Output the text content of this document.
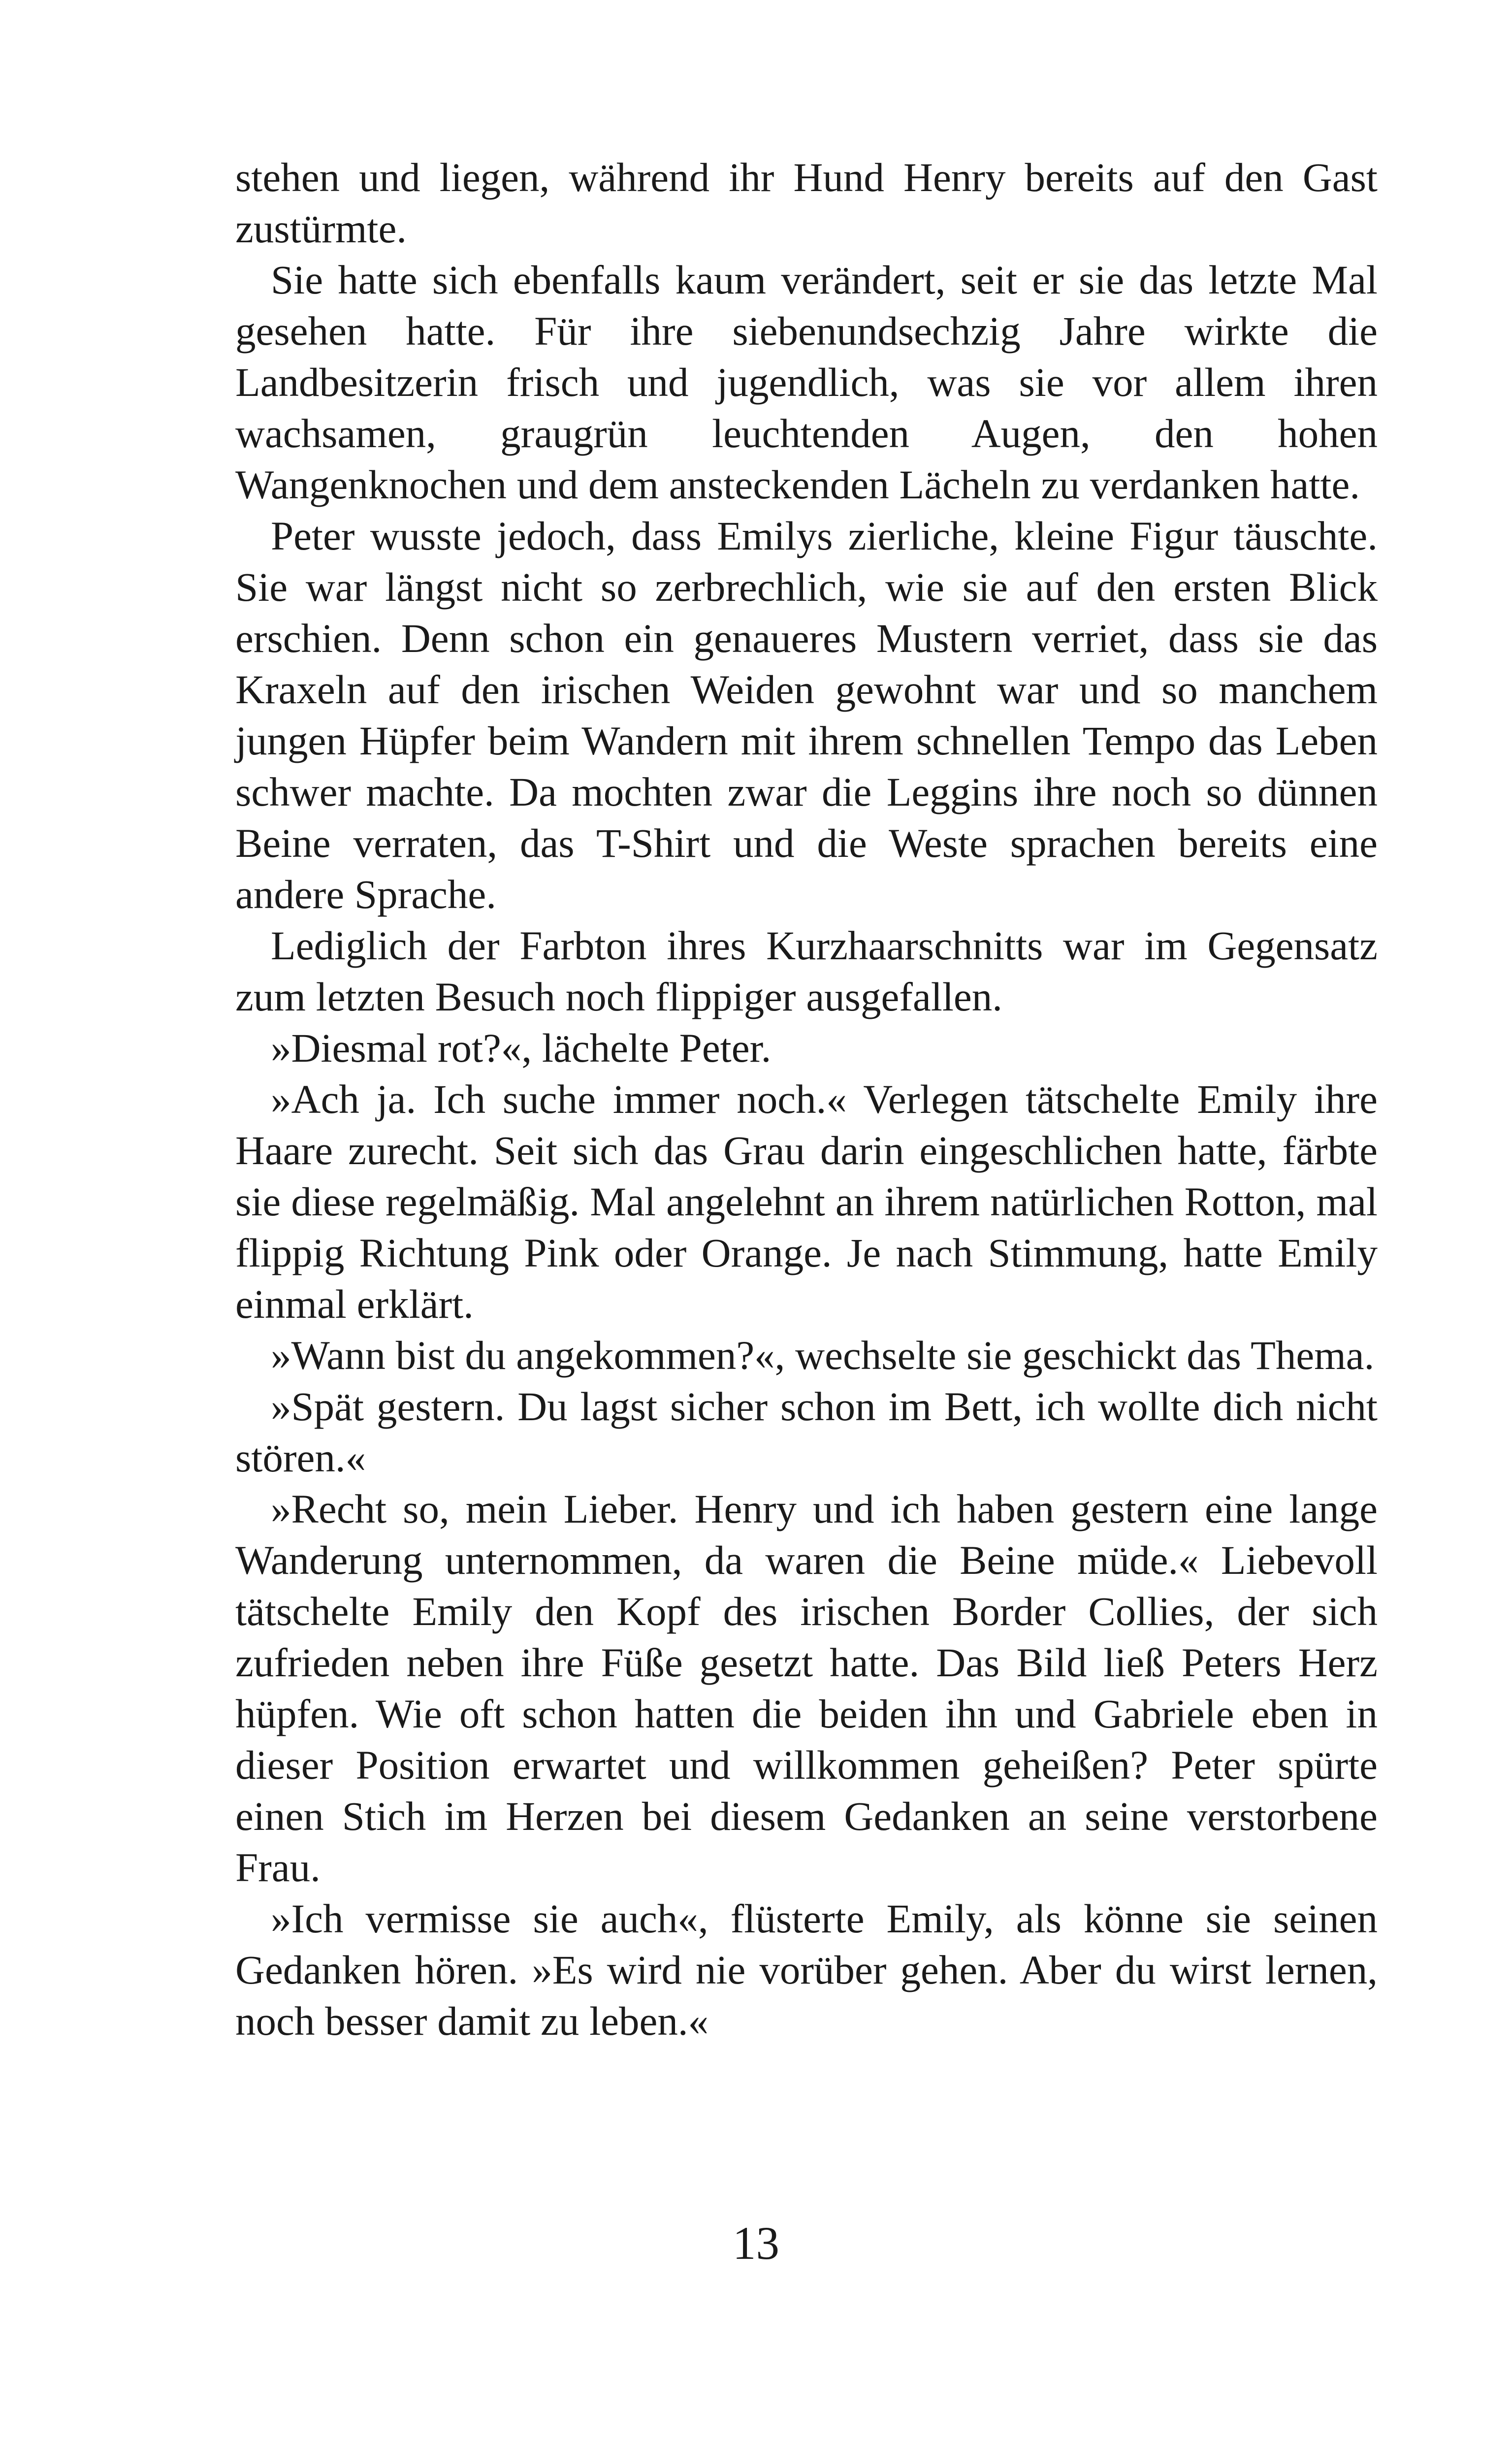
stehen und liegen, während ihr Hund Henry bereits auf den Gast zustürmte.

Sie hatte sich ebenfalls kaum verändert, seit er sie das letzte Mal gesehen hatte. Für ihre siebenundsechzig Jahre wirkte die Landbesitzerin frisch und jugendlich, was sie vor allem ihren wachsamen, graugrün leuchtenden Augen, den hohen Wangenknochen und dem ansteckenden Lächeln zu verdanken hatte.

Peter wusste jedoch, dass Emilys zierliche, kleine Figur täuschte. Sie war längst nicht so zerbrechlich, wie sie auf den ersten Blick erschien. Denn schon ein genaueres Mustern verriet, dass sie das Kraxeln auf den irischen Weiden gewohnt war und so manchem jungen Hüpfer beim Wandern mit ihrem schnellen Tempo das Leben schwer machte. Da mochten zwar die Leggins ihre noch so dünnen Beine verraten, das T-Shirt und die Weste sprachen bereits eine andere Sprache.

Lediglich der Farbton ihres Kurzhaarschnitts war im Gegensatz zum letzten Besuch noch flippiger ausgefallen.

»Diesmal rot?«, lächelte Peter.

»Ach ja. Ich suche immer noch.« Verlegen tätschelte Emily ihre Haare zurecht. Seit sich das Grau darin eingeschlichen hatte, färbte sie diese regelmäßig. Mal angelehnt an ihrem natürlichen Rotton, mal flippig Richtung Pink oder Orange. Je nach Stimmung, hatte Emily einmal erklärt.

»Wann bist du angekommen?«, wechselte sie geschickt das Thema.

»Spät gestern. Du lagst sicher schon im Bett, ich wollte dich nicht stören.«

»Recht so, mein Lieber. Henry und ich haben gestern eine lange Wanderung unternommen, da waren die Beine müde.« Liebevoll tätschelte Emily den Kopf des irischen Border Collies, der sich zufrieden neben ihre Füße gesetzt hatte. Das Bild ließ Peters Herz hüpfen. Wie oft schon hatten die beiden ihn und Gabriele eben in dieser Position erwartet und willkommen geheißen? Peter spürte einen Stich im Herzen bei diesem Gedanken an seine verstorbene Frau.

»Ich vermisse sie auch«, flüsterte Emily, als könne sie seinen Gedanken hören. »Es wird nie vorüber gehen. Aber du wirst lernen, noch besser damit zu leben.«

13
